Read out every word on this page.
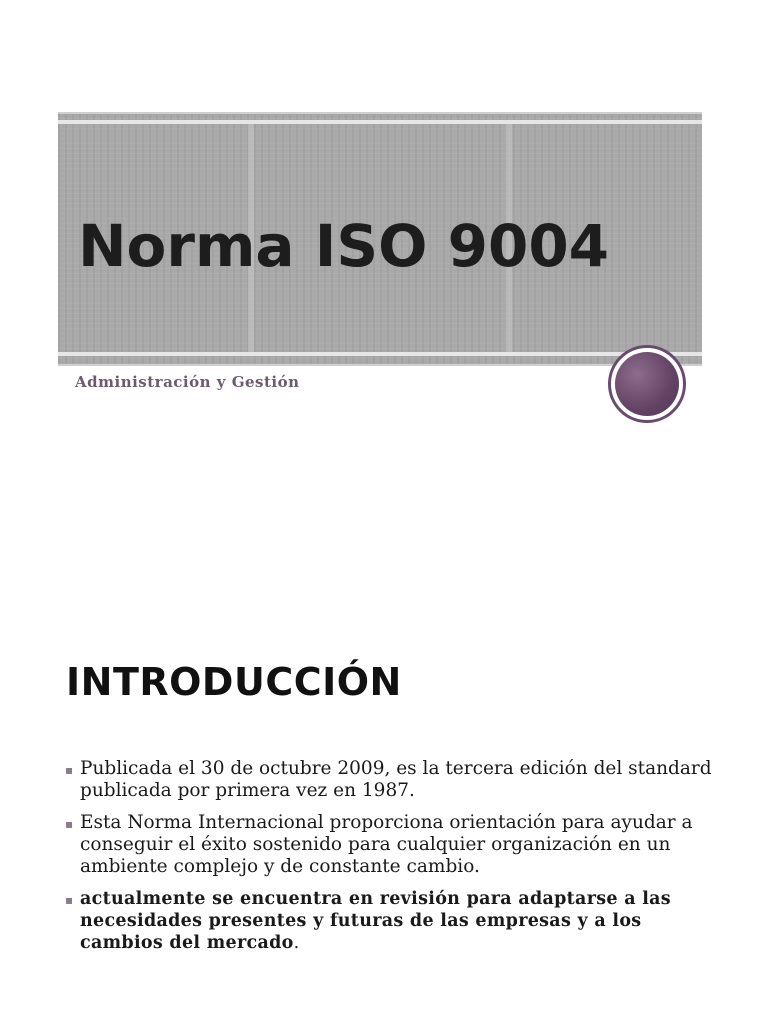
Norma ISO 9004
Administración y Gestión
INTRODUCCIÓN
▪ Publicada el 30 de octubre 2009, es la tercera edición del standard publicada por primera vez en 1987.
▪ Esta Norma Internacional proporciona orientación para ayudar a conseguir el éxito sostenido para cualquier organización en un ambiente complejo y de constante cambio.
▪ actualmente se encuentra en revisión para adaptarse a las necesidades presentes y futuras de las empresas y a los cambios del mercado.
